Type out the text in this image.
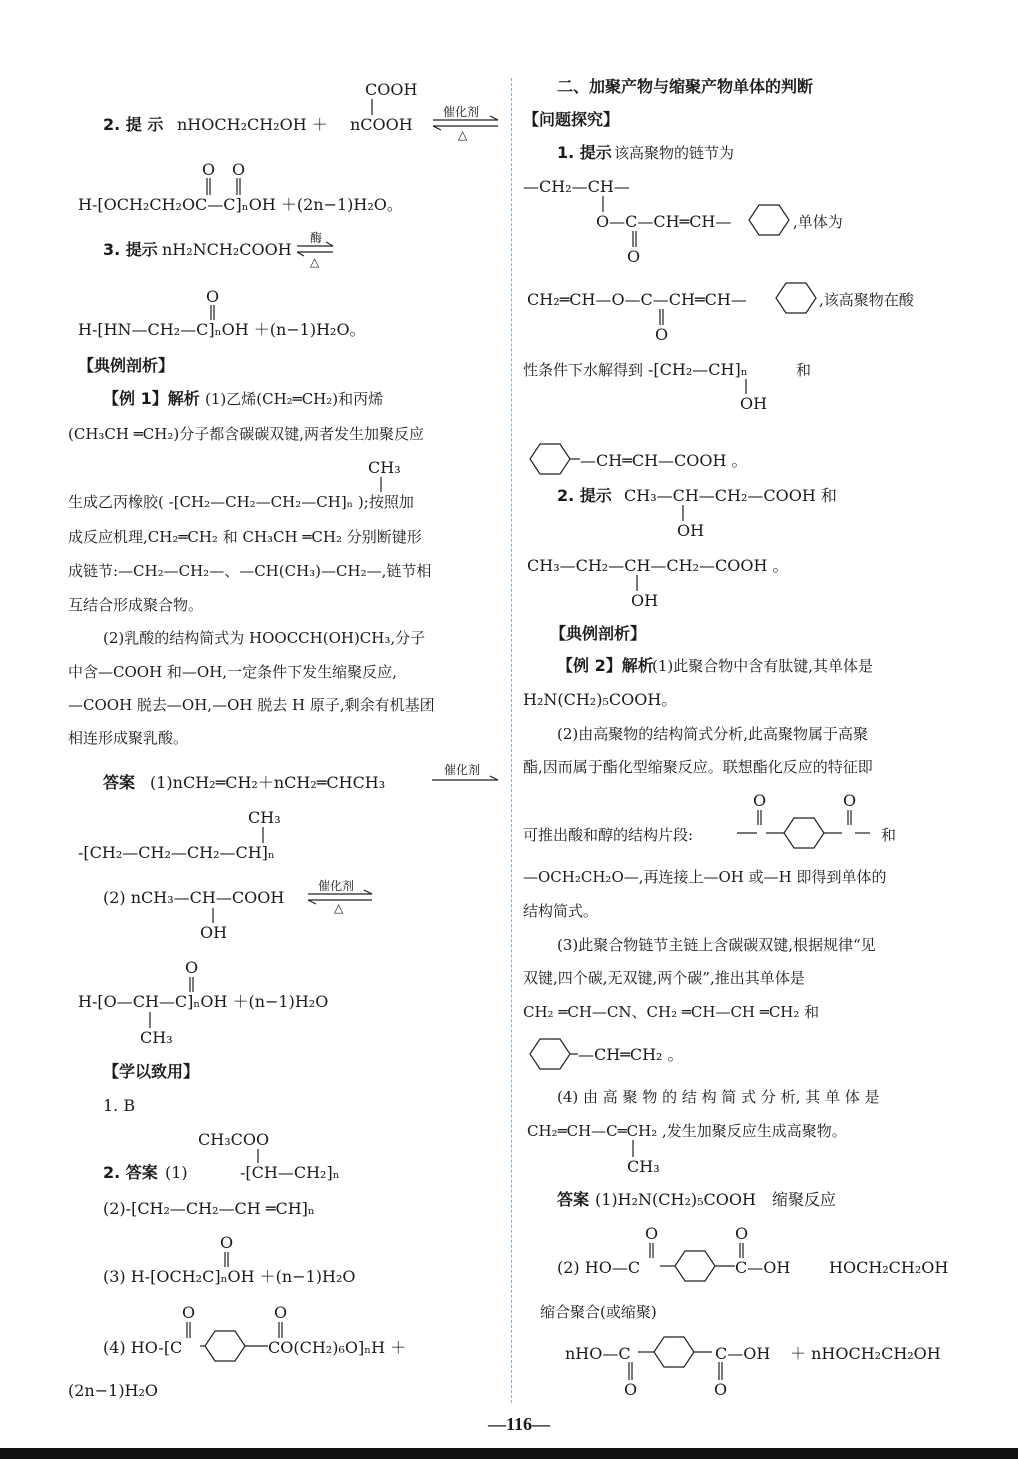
COOH
2. 提 示 nHOCH₂CH₂OH ＋ nCOOH
催化剂
△
O O
H-[OCH₂CH₂OC—C]ₙOH ＋(2n−1)H₂O。
3. 提示 nH₂NCH₂COOH
酶
△
O
H-[HN—CH₂—C]ₙOH ＋(n−1)H₂O。
【典例剖析】
【例 1】解析 (1)乙烯(CH₂═CH₂)和丙烯
(CH₃CH ═CH₂)分子都含碳碳双键,两者发生加聚反应
CH₃
生成乙丙橡胶( -[CH₂—CH₂—CH₂—CH]ₙ );按照加
成反应机理,CH₂═CH₂ 和 CH₃CH ═CH₂ 分别断键形
成链节:—CH₂—CH₂—、—CH(CH₃)—CH₂—,链节相
互结合形成聚合物。
(2)乳酸的结构简式为 HOOCCH(OH)CH₃,分子
中含—COOH 和—OH,一定条件下发生缩聚反应,
—COOH 脱去—OH,—OH 脱去 H 原子,剩余有机基团
相连形成聚乳酸。
答案 (1)nCH₂═CH₂＋nCH₂═CHCH₃
催化剂
CH₃
-[CH₂—CH₂—CH₂—CH]ₙ
(2) nCH₃—CH—COOH
催化剂
△
OH
O
H-[O—CH—C]ₙOH ＋(n−1)H₂O
CH₃
【学以致用】
1. B
CH₃COO
2. 答案 (1)	-[CH—CH₂]ₙ
(2)-[CH₂—CH₂—CH ═CH]ₙ
O
(3) H-[OCH₂C]ₙOH ＋(n−1)H₂O
O	O
(4) HO-[C	CO(CH₂)₆O]ₙH ＋
(2n−1)H₂O
二、加聚产物与缩聚产物单体的判断
【问题探究】
1. 提示 该高聚物的链节为
—CH₂—CH—
O—C—CH═CH—	,单体为
O
CH₂═CH—O—C—CH═CH—	,该高聚物在酸
O
性条件下水解得到 -[CH₂—CH]ₙ	和
OH
—CH═CH—COOH 。
2. 提示 CH₃—CH—CH₂—COOH 和
OH
CH₃—CH₂—CH—CH₂—COOH 。
OH
【典例剖析】
【例 2】解析
(1)此聚合物中含有肽键,其单体是
H₂N(CH₂)₅COOH。
(2)由高聚物的结构简式分析,此高聚物属于高聚
酯,因而属于酯化型缩聚反应。联想酯化反应的特征即
O	O
可推出酸和醇的结构片段:	和
—OCH₂CH₂O—,再连接上—OH 或—H 即得到单体的
结构简式。
(3)此聚合物链节主链上含碳碳双键,根据规律“见
双键,四个碳,无双键,两个碳”,推出其单体是
CH₂ ═CH—CN、CH₂ ═CH—CH ═CH₂ 和
—CH═CH₂ 。
(4) 由 高 聚 物 的 结 构 简 式 分 析, 其 单 体 是
CH₂═CH—C═CH₂ ,发生加聚反应生成高聚物。
CH₃
答案 (1)H₂N(CH₂)₅COOH　缩聚反应
O	O
(2) HO—C	C—OH HOCH₂CH₂OH
缩合聚合(或缩聚)
nHO—C	C—OH ＋ nHOCH₂CH₂OH
O	O
—116—
